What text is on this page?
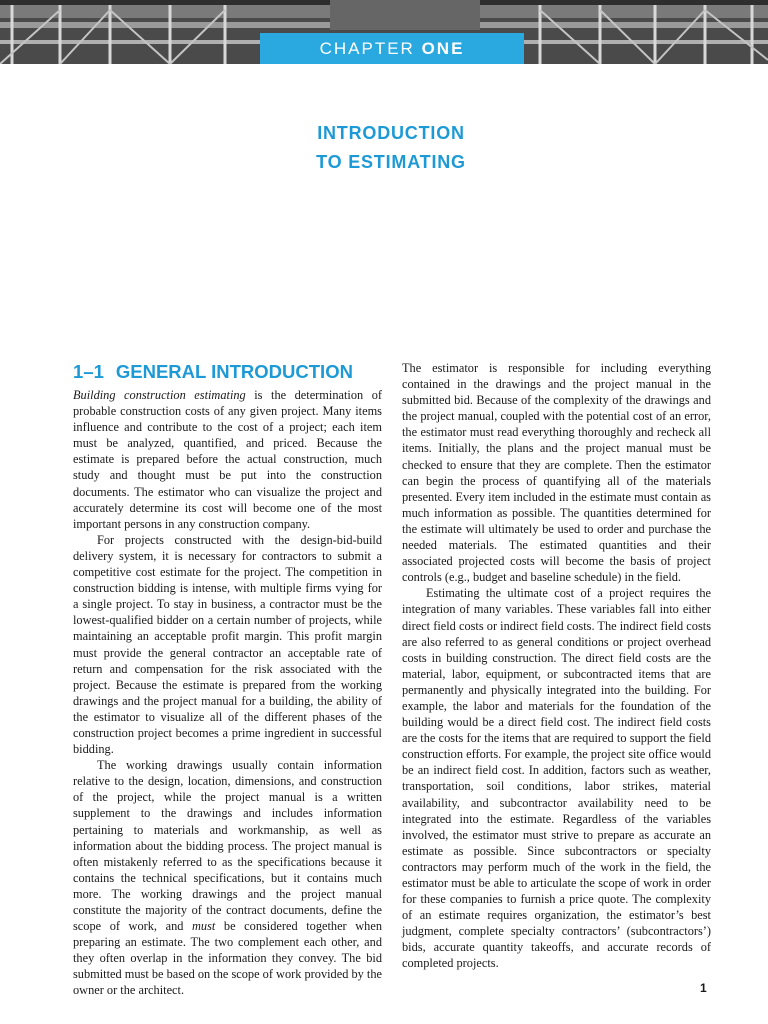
CHAPTER ONE
INTRODUCTION
TO ESTIMATING
1–1 GENERAL INTRODUCTION

Building construction estimating is the determination of probable construction costs of any given project. Many items influence and contribute to the cost of a project; each item must be analyzed, quantified, and priced. Because the estimate is prepared before the actual construction, much study and thought must be put into the construction documents. The estimator who can visualize the project and accurately determine its cost will become one of the most important persons in any construction company.

For projects constructed with the design-bid-build delivery system, it is necessary for contractors to submit a competitive cost estimate for the project. The competition in construction bidding is intense, with multiple firms vying for a single project. To stay in business, a contractor must be the lowest-qualified bidder on a certain number of projects, while maintaining an acceptable profit margin. This profit margin must provide the general contractor an acceptable rate of return and compensation for the risk associated with the project. Because the estimate is prepared from the working drawings and the project manual for a building, the ability of the estimator to visualize all of the different phases of the construction project becomes a prime ingredient in successful bidding.

The working drawings usually contain information relative to the design, location, dimensions, and construction of the project, while the project manual is a written supplement to the drawings and includes information pertaining to materials and workmanship, as well as information about the bidding process. The project manual is often mistakenly referred to as the specifications because it contains the technical specifications, but it contains much more. The working drawings and the project manual constitute the majority of the contract documents, define the scope of work, and must be considered together when preparing an estimate. The two complement each other, and they often overlap in the information they convey. The bid submitted must be based on the scope of work provided by the owner or the architect.

The estimator is responsible for including everything contained in the drawings and the project manual in the submitted bid. Because of the complexity of the drawings and the project manual, coupled with the potential cost of an error, the estimator must read everything thoroughly and recheck all items. Initially, the plans and the project manual must be checked to ensure that they are complete. Then the estimator can begin the process of quantifying all of the materials presented. Every item included in the estimate must contain as much information as possible. The quantities determined for the estimate will ultimately be used to order and purchase the needed materials. The estimated quantities and their associated projected costs will become the basis of project controls (e.g., budget and baseline schedule) in the field.

Estimating the ultimate cost of a project requires the integration of many variables. These variables fall into either direct field costs or indirect field costs. The indirect field costs are also referred to as general conditions or project overhead costs in building construction. The direct field costs are the material, labor, equipment, or subcontracted items that are permanently and physically integrated into the building. For example, the labor and materials for the foundation of the building would be a direct field cost. The indirect field costs are the costs for the items that are required to support the field construction efforts. For example, the project site office would be an indirect field cost. In addition, factors such as weather, transportation, soil conditions, labor strikes, material availability, and subcontractor availability need to be integrated into the estimate. Regardless of the variables involved, the estimator must strive to prepare as accurate an estimate as possible. Since subcontractors or specialty contractors may perform much of the work in the field, the estimator must be able to articulate the scope of work in order for these companies to furnish a price quote. The complexity of an estimate requires organization, the estimator’s best judgment, complete specialty contractors’ (subcontractors’) bids, accurate quantity takeoffs, and accurate records of completed projects.

1
